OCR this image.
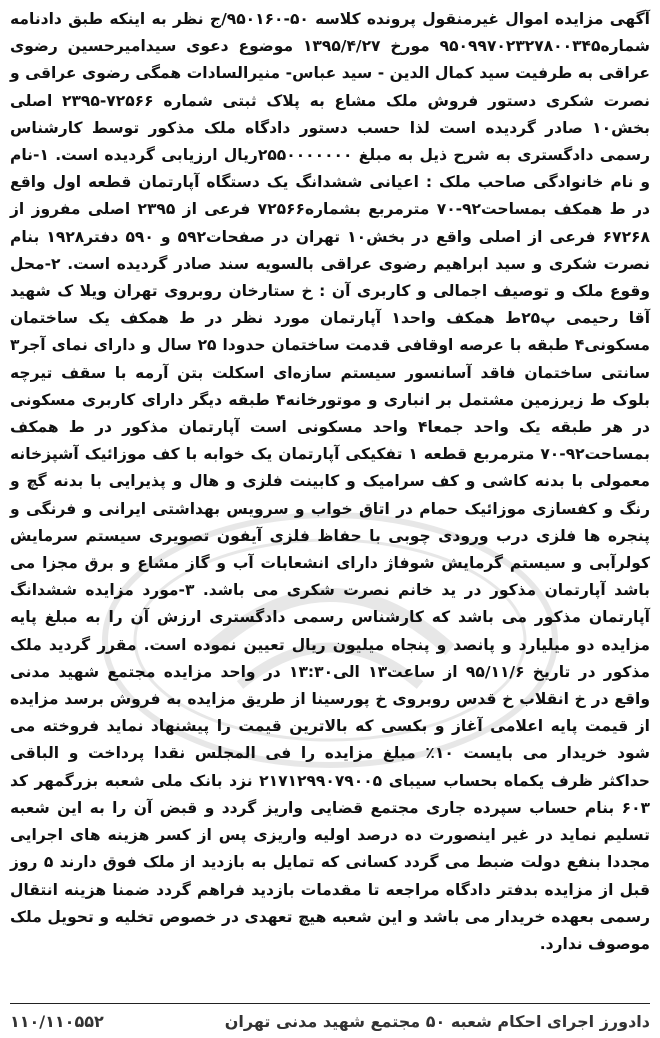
آگهی مزایده اموال غیرمنقول پرونده کلاسه ۵۰-۹۵۰۱۶۰/ج نظر به اینکه طبق دادنامه شماره۹۵۰۹۹۷۰۲۳۲۷۸۰۰۳۴۵ مورخ ۱۳۹۵/۴/۲۷ موضوع دعوی سیدامیرحسین رضوی عراقی به طرفیت سید کمال الدین - سید عباس- منیرالسادات همگی رضوی عراقی و نصرت شکری دستور فروش ملک مشاع به پلاک ثبتی شماره ۷۲۵۶۶-۲۳۹۵ اصلی بخش۱۰ صادر گردیده است لذا حسب دستور دادگاه ملک مذکور توسط کارشناس رسمی دادگستری به شرح ذیل به مبلغ ۲۵۵۰۰۰۰۰۰۰ریال ارزیابی گردیده است. ۱-نام و نام خانوادگی صاحب ملک : اعیانی ششدانگ یک دستگاه آپارتمان قطعه اول واقع در ط همکف بمساحت۹۲-۷۰ مترمربع بشماره۷۲۵۶۶ فرعی از ۲۳۹۵ اصلی مفروز از ۶۷۲۶۸ فرعی از اصلی واقع در بخش۱۰ تهران در صفحات۵۹۲ و ۵۹۰ دفتر۱۹۲۸ بنام نصرت شکری و سید ابراهیم رضوی عراقی بالسویه سند صادر گردیده است. ۲-محل وقوع ملک و توصیف اجمالی و کاربری آن : خ ستارخان روبروی تهران ویلا ک شهید آقا رحیمی پ۲۵ط همکف واحد۱ آپارتمان مورد نظر در ط همکف یک ساختمان مسکونی۴ طبقه با عرصه اوقافی قدمت ساختمان حدودا ۲۵ سال و دارای نمای آجر۳ سانتی ساختمان فاقد آسانسور سیستم سازه‌ای اسکلت بتن آرمه با سقف تیرچه بلوک ط زیرزمین مشتمل بر انباری و موتورخانه۴ طبقه دیگر دارای کاربری مسکونی در هر طبقه یک واحد جمعا۴ واحد مسکونی است آپارتمان مذکور در ط همکف بمساحت۹۲-۷۰ مترمربع قطعه ۱ تفکیکی آپارتمان یک خوابه با کف موزائیک آشپزخانه معمولی با بدنه کاشی و کف سرامیک و کابینت فلزی و هال و پذیرایی با بدنه گچ و رنگ و کفسازی موزائیک حمام در اتاق خواب و سرویس بهداشتی ایرانی و فرنگی و پنجره ها فلزی درب ورودی چوبی با حفاظ فلزی آیفون تصویری سیستم سرمایش کولرآبی و سیستم گرمایش شوفاژ دارای انشعابات آب و گاز مشاع و برق مجزا می باشد آپارتمان مذکور در ید خانم نصرت شکری می باشد. ۳-مورد مزایده ششدانگ آپارتمان مذکور می باشد که کارشناس رسمی دادگستری ارزش آن را به مبلغ پایه مزایده دو میلیارد و پانصد و پنجاه میلیون ریال تعیین نموده است. مقرر گردید ملک مذکور در تاریخ ۹۵/۱۱/۶ از ساعت۱۳ الی۱۳:۳۰ در واحد مزایده مجتمع شهید مدنی واقع در خ انقلاب خ قدس روبروی خ پورسینا از طریق مزایده به فروش برسد مزایده از قیمت پایه اعلامی آغاز و بکسی که بالاترین قیمت را پیشنهاد نماید فروخته می شود خریدار می بایست ۱۰٪ مبلغ مزایده را فی المجلس نقدا پرداخت و الباقی حداکثر ظرف یکماه بحساب سیبای ۲۱۷۱۲۹۹۰۷۹۰۰۵ نزد بانک ملی شعبه بزرگمهر کد ۶۰۳ بنام حساب سپرده جاری مجتمع قضایی واریز گردد و قبض آن را به این شعبه تسلیم نماید در غیر اینصورت ده درصد اولیه واریزی پس از کسر هزینه های اجرایی مجددا بنفع دولت ضبط می گردد کسانی که تمایل به بازدید از ملک فوق دارند ۵ روز قبل از مزایده بدفتر دادگاه مراجعه تا مقدمات بازدید فراهم گردد ضمنا هزینه انتقال رسمی بعهده خریدار می باشد و این شعبه هیچ تعهدی در خصوص تخلیه و تحویل ملک موصوف ندارد.

دادورز اجرای احکام شعبه ۵۰ مجتمع شهید مدنی تهران
۱۱۰/۱۱۰۵۵۲
